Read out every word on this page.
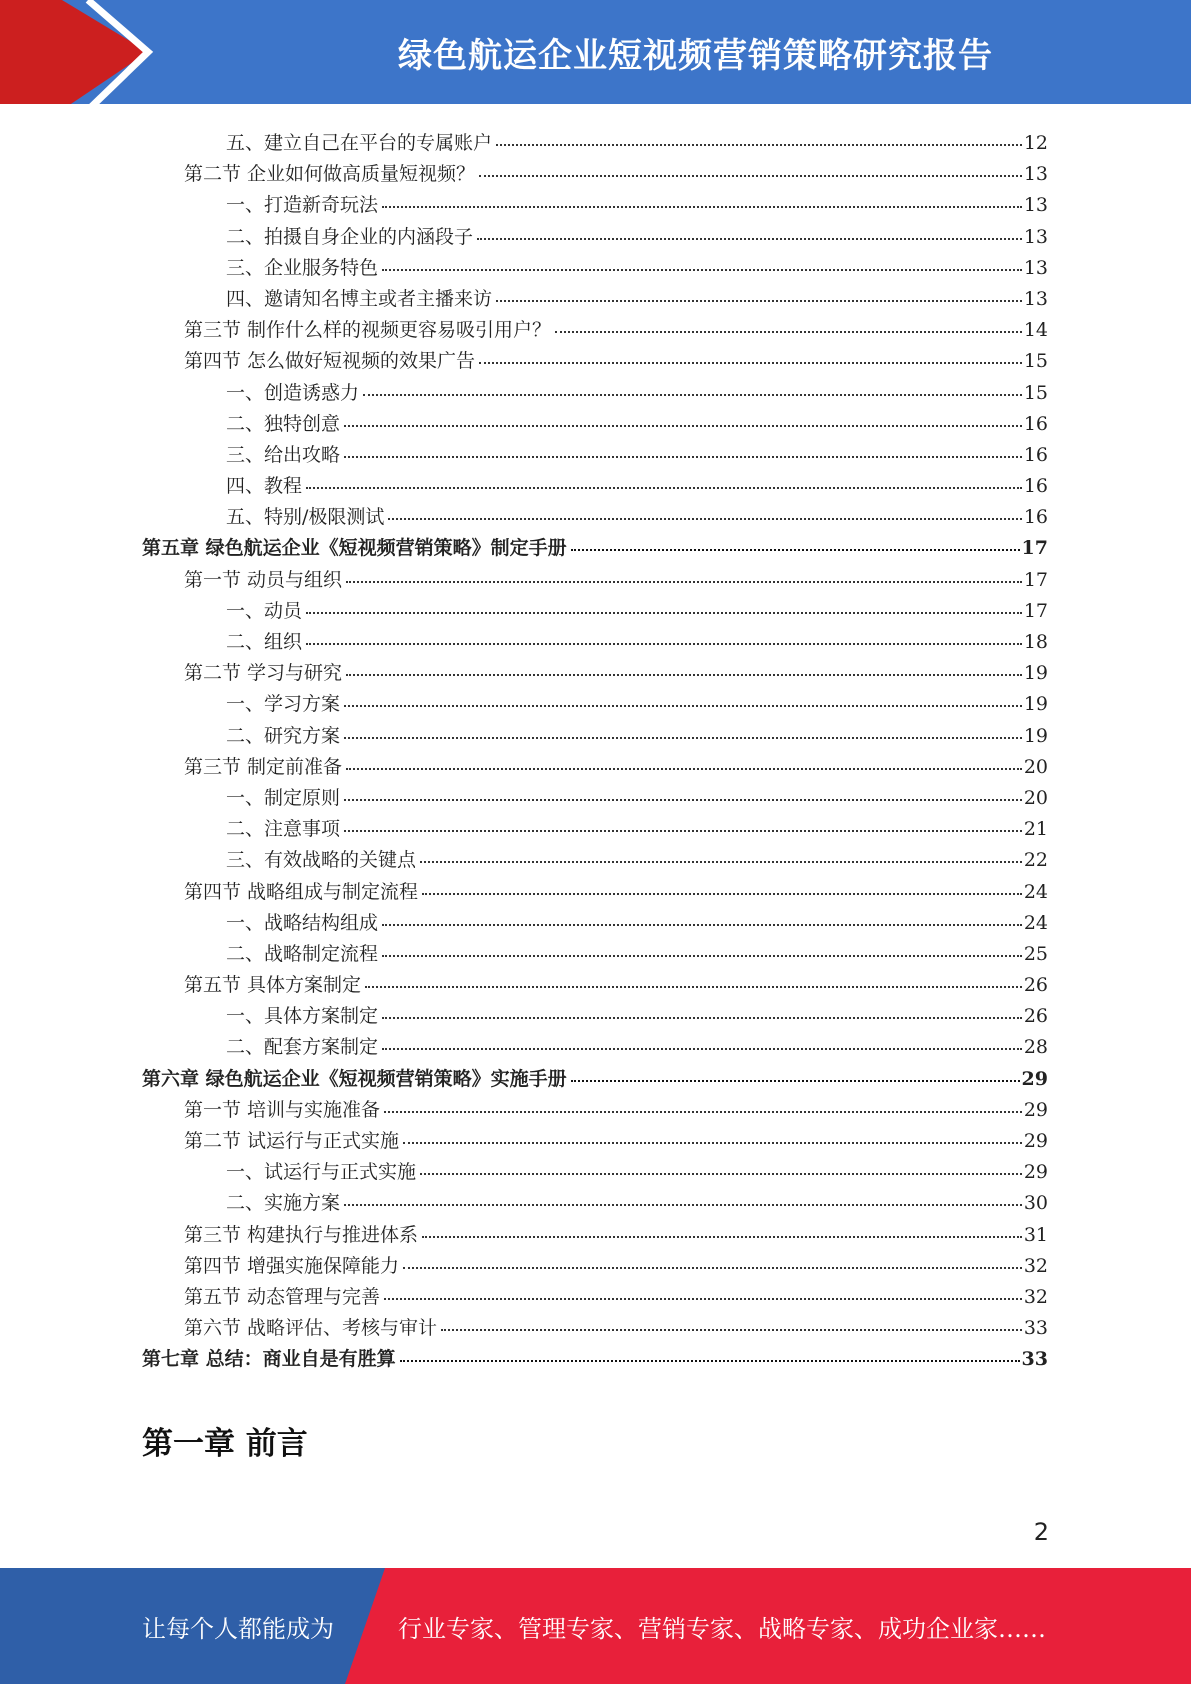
绿色航运企业短视频营销策略研究报告
五、建立自己在平台的专属账户	12
第二节 企业如何做高质量短视频？	13
一、打造新奇玩法	13
二、拍摄自身企业的内涵段子	13
三、企业服务特色	13
四、邀请知名博主或者主播来访	13
第三节 制作什么样的视频更容易吸引用户？	14
第四节 怎么做好短视频的效果广告	15
一、创造诱惑力	15
二、独特创意	16
三、给出攻略	16
四、教程	16
五、特别/极限测试	16
第五章 绿色航运企业《短视频营销策略》制定手册	17
第一节 动员与组织	17
一、动员	17
二、组织	18
第二节 学习与研究	19
一、学习方案	19
二、研究方案	19
第三节 制定前准备	20
一、制定原则	20
二、注意事项	21
三、有效战略的关键点	22
第四节 战略组成与制定流程	24
一、战略结构组成	24
二、战略制定流程	25
第五节 具体方案制定	26
一、具体方案制定	26
二、配套方案制定	28
第六章 绿色航运企业《短视频营销策略》实施手册	29
第一节 培训与实施准备	29
第二节 试运行与正式实施	29
一、试运行与正式实施	29
二、实施方案	30
第三节 构建执行与推进体系	31
第四节 增强实施保障能力	32
第五节 动态管理与完善	32
第六节 战略评估、考核与审计	33
第七章 总结：商业自是有胜算	33
第一章 前言
2
让每个人都能成为	行业专家、管理专家、营销专家、战略专家、成功企业家……
